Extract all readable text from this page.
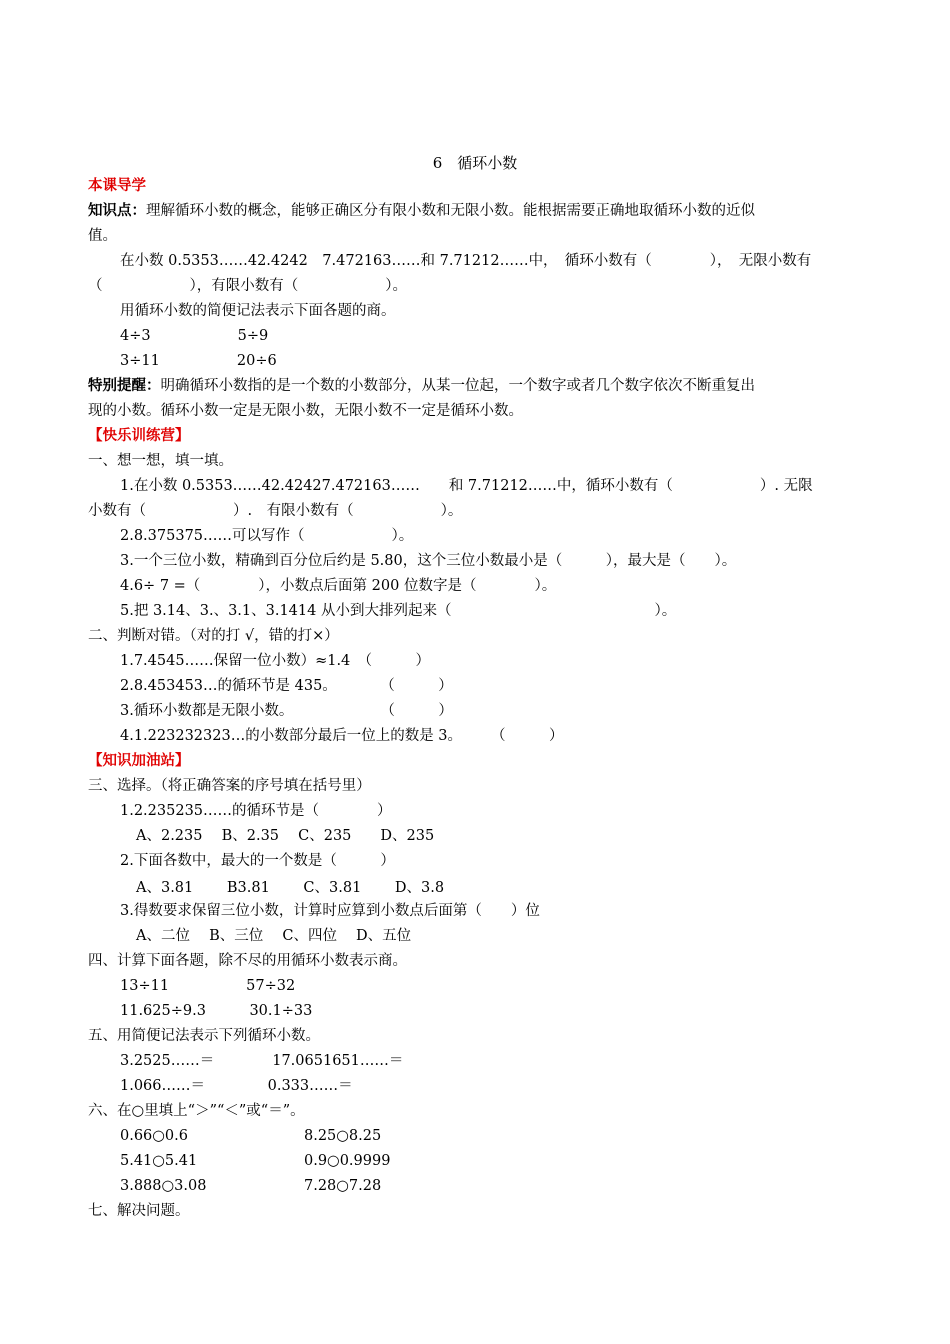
6　循环小数
本课导学
知识点：理解循环小数的概念，能够正确区分有限小数和无限小数。能根据需要正确地取循环小数的近似
值。
在小数 0.5353……42.4242　7.472163……和 7.71212……中，　循环小数有（　　　　），　无限小数有
（　　　　　　），有限小数有（　　　　　　）。
用循环小数的简便记法表示下面各题的商。
4÷3　　　　　　5÷9
3÷11　　　　　 20÷6
特别提醒：明确循环小数指的是一个数的小数部分，从某一位起，一个数字或者几个数字依次不断重复出
现的小数。循环小数一定是无限小数，无限小数不一定是循环小数。
【快乐训练营】
一、想一想，填一填。
1.在小数 0.5353……42.42427.472163……　　和 7.71212……中，循环小数有（　　　　　　）. 无限
小数有（　　　　　　）.　有限小数有（　　　　　　）。
2.8.375375……可以写作（　　　　　　）。
3.一个三位小数，精确到百分位后约是 5.80，这个三位小数最小是（　　　），最大是（　　）。
4.6÷ 7 =（　　　　），小数点后面第 200 位数字是（　　　　）。
5.把 3.14、3.、3.1、3.1414 从小到大排列起来（　　　　　　　　　　　　　　）。
二、判断对错。（对的打 √，错的打×）
1.7.4545……保留一位小数）≈1.4　（　　　）
2.8.453453…的循环节是 435。　　　　（　　　）
3.循环小数都是无限小数。　　　　　　　（　　　）
4.1.223232323…的小数部分最后一位上的数是 3。　　　（　　　）
【知识加油站】
三、选择。（将正确答案的序号填在括号里）
1.2.235235……的循环节是（　　　　）
A、2.235　 B、2.35　 C、235　　D、235
2.下面各数中，最大的一个数是（　　　）
A、3.81　　 B3.81　　 C、3.81　　 D、3.8
3.得数要求保留三位小数，计算时应算到小数点后面第（　　）位
A、二位　 B、三位　 C、四位　 D、五位
四、计算下面各题，除不尽的用循环小数表示商。
13÷11　　　　　 57÷32
11.625÷9.3　　　30.1÷33
五、用简便记法表示下列循环小数。
3.2525……＝　　　　17.0651651……＝
1.066……＝　　　　 0.333……＝
六、在○里填上“＞”“＜”或“＝”。
0.66○0.6	8.25○8.25
5.41○5.41	0.9○0.9999
3.888○3.08	7.28○7.28
七、解决问题。
